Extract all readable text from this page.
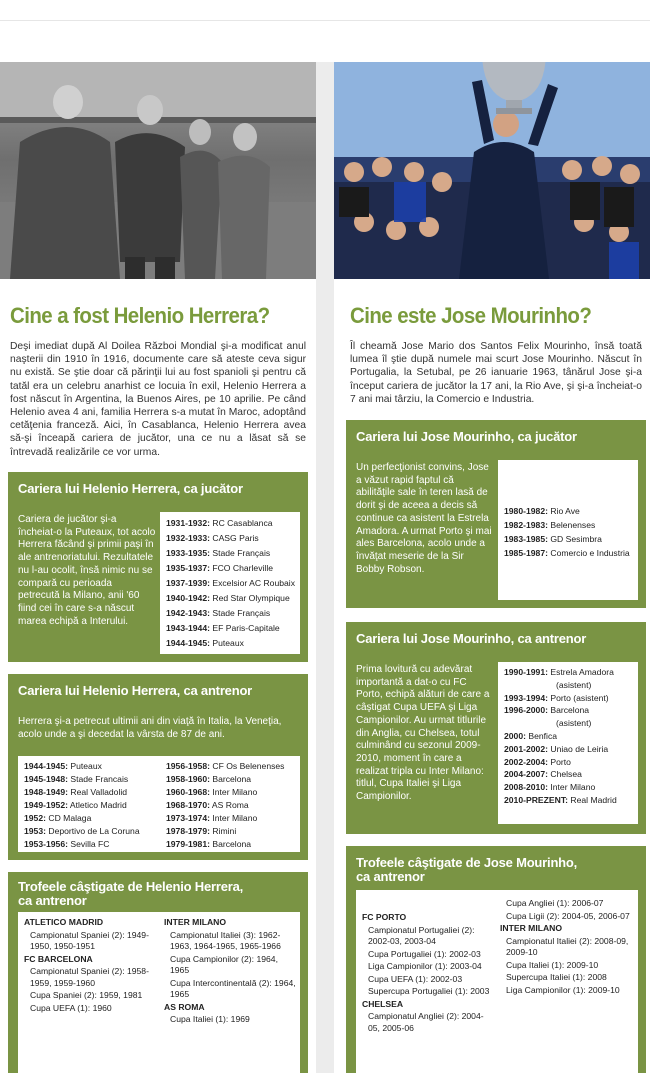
Cine a fost Helenio Herrera?
Deşi imediat după Al Doilea Război Mondial şi-a modificat anul naşterii din 1910 în 1916, documente care să ateste ceva sigur nu există. Se ştie doar că părinţii lui au fost spanioli şi pentru că tatăl era un celebru anarhist ce locuia în exil, Helenio Herrera a fost născut în Argentina, la Buenos Aires, pe 10 aprilie. Pe când Helenio avea 4 ani, familia Herrera s-a mutat în Maroc, adoptând cetăţenia franceză. Aici, în Casablanca, Helenio Herrera avea să-şi înceapă cariera de jucător, una ce nu a lăsat să se întrevadă realizările ce vor urma.
Cariera lui Helenio Herrera, ca jucător
Cariera de jucător şi-a încheiat-o la Puteaux, tot acolo Herrera făcând şi primii paşi în ale antrenoriatului. Rezultatele nu l-au ocolit, însă nimic nu se compară cu perioada petrecută la Milano, anii '60 fiind cei în care s-a născut marea echipă a Interului.
1931-1932: RC Casablanca
1932-1933: CASG Paris
1933-1935: Stade Français
1935-1937: FCO Charleville
1937-1939: Excelsior AC Roubaix
1940-1942: Red Star Olympique
1942-1943: Stade Français
1943-1944: EF Paris-Capitale
1944-1945: Puteaux
Cariera lui Helenio Herrera, ca antrenor
Herrera şi-a petrecut ultimii ani din viaţă în Italia, la Veneţia, acolo unde a şi decedat la vârsta de 87 de ani.
1944-1945: Puteaux
1945-1948: Stade Francais
1948-1949: Real Valladolid
1949-1952: Atletico Madrid
1952: CD Malaga
1953: Deportivo de La Coruna
1953-1956: Sevilla FC
1956-1958: CF Os Belenenses
1958-1960: Barcelona
1960-1968: Inter Milano
1968-1970: AS Roma
1973-1974: Inter Milano
1978-1979: Rimini
1979-1981: Barcelona
Trofeele câştigate de Helenio Herrera,
ca antrenor
ATLETICO MADRID
Campionatul Spaniei (2): 1949-1950, 1950-1951
FC BARCELONA
Campionatul Spaniei (2): 1958-1959, 1959-1960
Cupa Spaniei (2): 1959, 1981
Cupa UEFA (1): 1960
INTER MILANO
Campionatul Italiei (3): 1962-1963, 1964-1965, 1965-1966
Cupa Campionilor (2): 1964, 1965
Cupa Intercontinentală (2): 1964, 1965
AS ROMA
Cupa Italiei (1): 1969
Cine este Jose Mourinho?
Îl cheamă Jose Mario dos Santos Felix Mourinho, însă toată lumea îl ştie după numele mai scurt Jose Mourinho. Născut în Portugalia, la Setubal, pe 26 ianuarie 1963, tânărul Jose şi-a început cariera de jucător la 17 ani, la Rio Ave, şi şi-a încheiat-o 7 ani mai târziu, la Comercio e Industria.
Cariera lui Jose Mourinho, ca jucător
Un perfecţionist convins, Jose a văzut rapid faptul că abilităţile sale în teren lasă de dorit şi de aceea a decis să continue ca asistent la Estrela Amadora. A urmat Porto şi mai ales Barcelona, acolo unde a învăţat meserie de la Sir Bobby Robson.
1980-1982: Rio Ave
1982-1983: Belenenses
1983-1985: GD Sesimbra
1985-1987: Comercio e Industria
Cariera lui Jose Mourinho, ca antrenor
Prima lovitură cu adevărat importantă a dat-o cu FC Porto, echipă alături de care a câştigat Cupa UEFA şi Liga Campionilor. Au urmat titlurile din Anglia, cu Chelsea, totul culminând cu sezonul 2009-2010, moment în care a realizat tripla cu Inter Milano: titlul, Cupa Italiei şi Liga Campionilor.
1990-1991: Estrela Amadora
(asistent)
1993-1994: Porto (asistent)
1996-2000: Barcelona
(asistent)
2000: Benfica
2001-2002: Uniao de Leiria
2002-2004: Porto
2004-2007: Chelsea
2008-2010: Inter Milano
2010-PREZENT: Real Madrid
Trofeele câştigate de Jose Mourinho,
ca antrenor
FC PORTO
Campionatul Portugaliei (2): 2002-03, 2003-04
Cupa Portugaliei (1): 2002-03
Liga Campionilor (1): 2003-04
Cupa UEFA (1): 2002-03
Supercupa Portugaliei (1): 2003
CHELSEA
Campionatul Angliei (2): 2004-05, 2005-06
Cupa Angliei (1): 2006-07
Cupa Ligii (2): 2004-05, 2006-07
INTER MILANO
Campionatul Italiei (2): 2008-09, 2009-10
Cupa Italiei (1): 2009-10
Supercupa Italiei (1): 2008
Liga Campionilor (1): 2009-10
